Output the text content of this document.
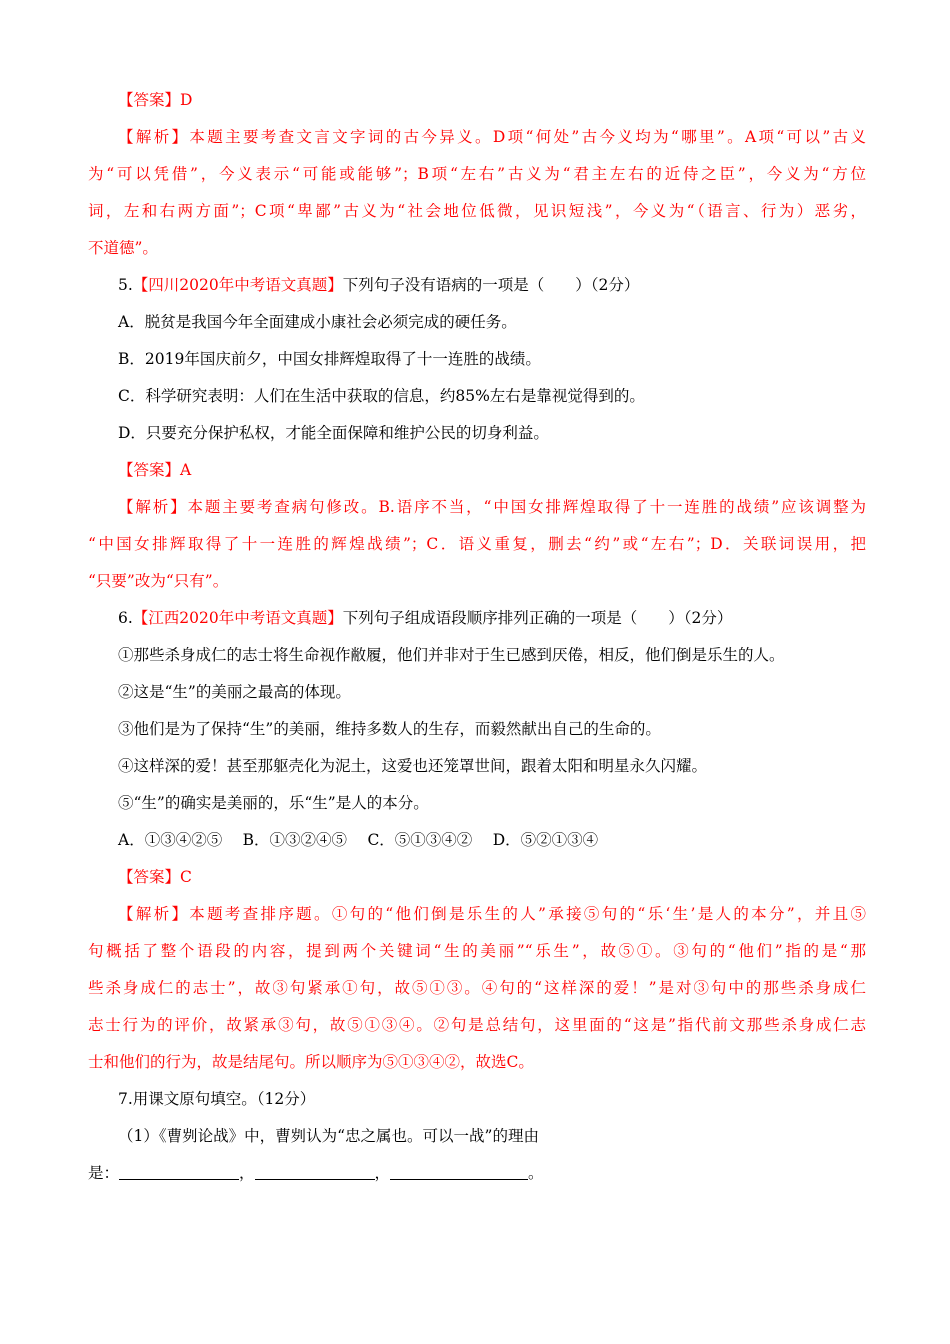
【答案】D
【解析】本题主要考查文言文字词的古今异义。D项“何处”古今义均为“哪里”。A项“可以”古义
为“可以凭借”，今义表示“可能或能够”；B项“左右”古义为“君主左右的近侍之臣”，今义为“方位
词，左和右两方面”；C项“卑鄙”古义为“社会地位低微，见识短浅”，今义为“（语言、行为）恶劣，
不道德”。
5.【四川2020年中考语文真题】下列句子没有语病的一项是（　　）（2分）
A．脱贫是我国今年全面建成小康社会必须完成的硬任务。
B．2019年国庆前夕，中国女排辉煌取得了十一连胜的战绩。
C．科学研究表明：人们在生活中获取的信息，约85%左右是靠视觉得到的。
D．只要充分保护私权，才能全面保障和维护公民的切身利益。
【答案】A
【解析】本题主要考查病句修改。B.语序不当，“中国女排辉煌取得了十一连胜的战绩”应该调整为
“中国女排辉取得了十一连胜的辉煌战绩”；C．语义重复，删去“约”或“左右”；D．关联词误用，把
“只要”改为“只有”。
6.【江西2020年中考语文真题】下列句子组成语段顺序排列正确的一项是（　　）（2分）
①那些杀身成仁的志士将生命视作敝履，他们并非对于生已感到厌倦，相反，他们倒是乐生的人。
②这是“生”的美丽之最高的体现。
③他们是为了保持“生”的美丽，维持多数人的生存，而毅然献出自己的生命的。
④这样深的爱！甚至那躯壳化为泥土，这爱也还笼罩世间，跟着太阳和明星永久闪耀。
⑤“生”的确实是美丽的，乐“生”是人的本分。
A．①③④②⑤　 B．①③②④⑤　 C．⑤①③④②　 D．⑤②①③④
【答案】C
【解析】本题考查排序题。①句的“他们倒是乐生的人”承接⑤句的“乐‘生’是人的本分”，并且⑤
句概括了整个语段的内容，提到两个关键词“生的美丽”“乐生”，故⑤①。③句的“他们”指的是“那
些杀身成仁的志士”，故③句紧承①句，故⑤①③。④句的“这样深的爱！”是对③句中的那些杀身成仁
志士行为的评价，故紧承③句，故⑤①③④。②句是总结句，这里面的“这是”指代前文那些杀身成仁志
士和他们的行为，故是结尾句。所以顺序为⑤①③④②，故选C。
7.用课文原句填空。（12分）
（1）《曹刿论战》中，曹刿认为“忠之属也。可以一战”的理由
是：	，	，	。
